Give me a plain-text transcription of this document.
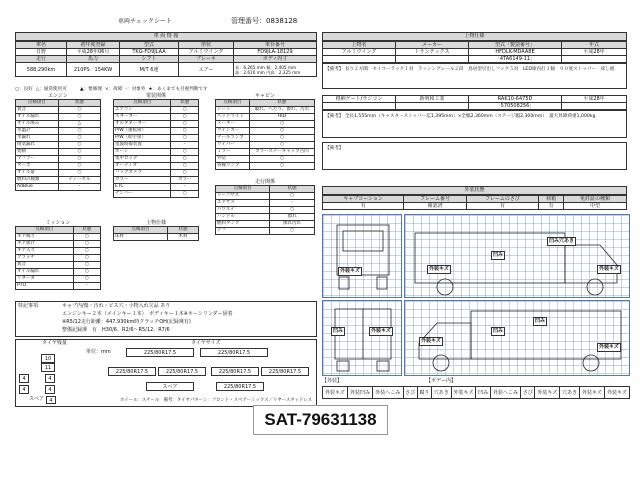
車両チェックシート	管理番号：0838128
車 両 情 報
車名	初年度登録	型式	形状	車台番号
日野	平成28年06月	TKG-FD9JLAA	アルミウイング	FD9JLA-18129
走行	馬力	シフト	ブレーキ	ボディ内寸
588,290km	210PS／154KW	M/T 6速	エアー	長：6,265 mm 幅：2,405 mm
高：2,610 mm 内高：2,325 mm
○：良好 △：通常使用可	▲：要修理 ×：故障 -：対象外 ★：あくまでも目視判断です
エンジン
点検項目	状態
異音	○
オイル漏れ	○
オイル滲み	△
水温計	○
水漏れ	○
排気漏れ	○
始動	○
マフラー	○
ターボ	○
オイル量	○
燃料の種類	ディーゼル
AdBlue	-
電装関係
点検項目	状態
エアコン	○
スターター	○
オルタネーター	○
P/W（運転席）	○
P/W（助手席）	○
電波時報装置	-
ホーン	○
集中ロック	○
オーディオ	○
バックカメラ	○
カラー	カラー
ETC	-
ナンバー	○
キャビン
点検項目	状態
シート	破れ、へたり、擦れ、汚れ
ヘッドライト	HID
メーター	○
ウインカー	○
テールランプ	○
ワイパー	○
ミラー	カラーステーキャップ凸凹
外装	○
各種ランプ	○
走行関係
点検項目	状態
リーフサス	○
エアサス	-
パワステ	○
ハンドル	擦れ
燃料タンク	擦れ汚れ
デフ	○
ミッション
点検項目	状態
ギア鳴り	○
ギア抜け	○
ギア入り	○
クラッチ	○
異音	○
オイル漏れ	○
リターダ	○
PTO	-
上物仕様
点検項目	状態
床材	木材
特記事項	キャブ内/傷・汚れ・ビス穴・小物入れ欠品 あり
エンジンキー２本（メインキー１本）　ボディキー１本※キーシリンダー固着
※R5/12走行距離：447,930km時クラッチOH(記録簿有)
整備記録簿　有　H30/6、R2/6〜R5/12、R7/6
タイヤ残量
単位：mm
タイヤサイズ
10
11
4	4
4	4
スペア	4
225/80R17.5	225/80R17.5
225/80R17.5	225/80R17.5	225/80R17.5	225/80R17.5
スペア	225/80R17.5
ホイール：スチール　備考：タイヤパターン：フロント・スペアーミックス／リヤースタッドレス
上物仕様
上物名	メーカー	型式「製造番号」	年式
アルミウイング	トランテックス	HFDLK-MDAA8E	平成28年
		「4TA6149-11」	
【備考】 長り２方開　セイコーラック１対　ラッシングレール２段　鳥居型引出しフック５対　LED庫内灯３個　９０度ストッパー　床し板
格納ゲート/ラジコン	新明和工業	RAK10-6475D	平成28年
		「570508256」	
【備考】 全長1,555mm（キャスターストッパー迄1,395mm）×全幅2,360mm（ステージ幅2,300mm）　最大昇降荷重1,000kg
【備考】
外装状態
キャブコーション	フレーム番号	フレームのさび	荷箱	免許証の種類
有	確認済	有	有	中型
外装キズ	外装キズ
凹み
凹み穴あき
外装キズ
凹み	外装キズ
外装キズ
凹み
凹み
外装キズ
【外装】	【ボデー内】
外装キズ	外装凹み	外装へこみ	さび	腐り	穴あき	外装キズ	凹み	外装へこみ	さび	外装キズ	穴あき	外装キズ	外装キズ
SAT-79631138
